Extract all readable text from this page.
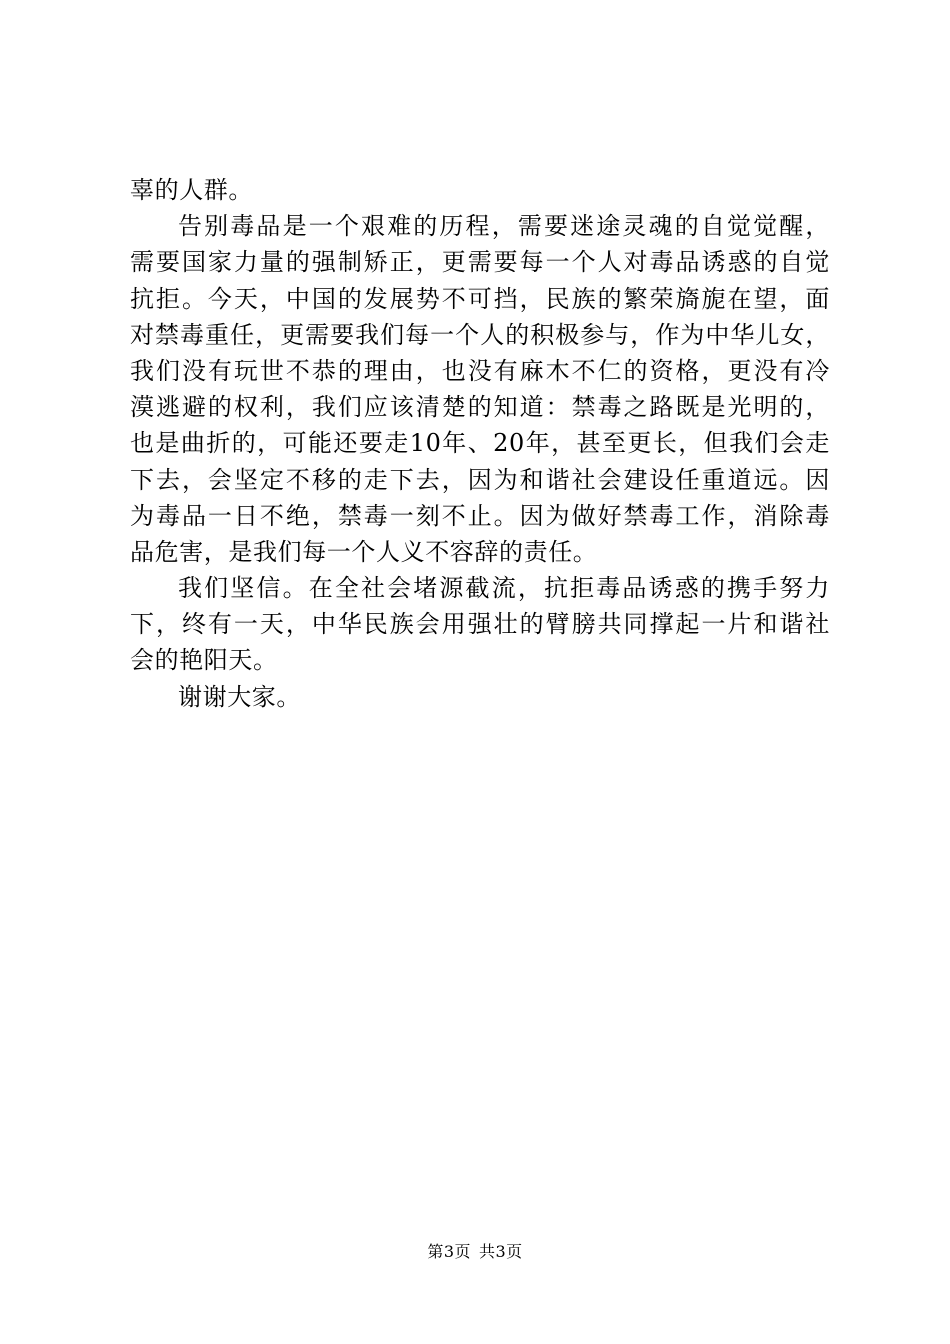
辜的人群。
告别毒品是一个艰难的历程，需要迷途灵魂的自觉觉醒，
需要国家力量的强制矫正，更需要每一个人对毒品诱惑的自觉
抗拒。今天，中国的发展势不可挡，民族的繁荣旖旎在望，面
对禁毒重任，更需要我们每一个人的积极参与，作为中华儿女，
我们没有玩世不恭的理由，也没有麻木不仁的资格，更没有冷
漠逃避的权利，我们应该清楚的知道：禁毒之路既是光明的，
也是曲折的，可能还要走10年、20年，甚至更长，但我们会走
下去，会坚定不移的走下去，因为和谐社会建设任重道远。因
为毒品一日不绝，禁毒一刻不止。因为做好禁毒工作，消除毒
品危害，是我们每一个人义不容辞的责任。
我们坚信。在全社会堵源截流，抗拒毒品诱惑的携手努力
下，终有一天，中华民族会用强壮的臂膀共同撑起一片和谐社
会的艳阳天。
谢谢大家。
第3页 共3页
